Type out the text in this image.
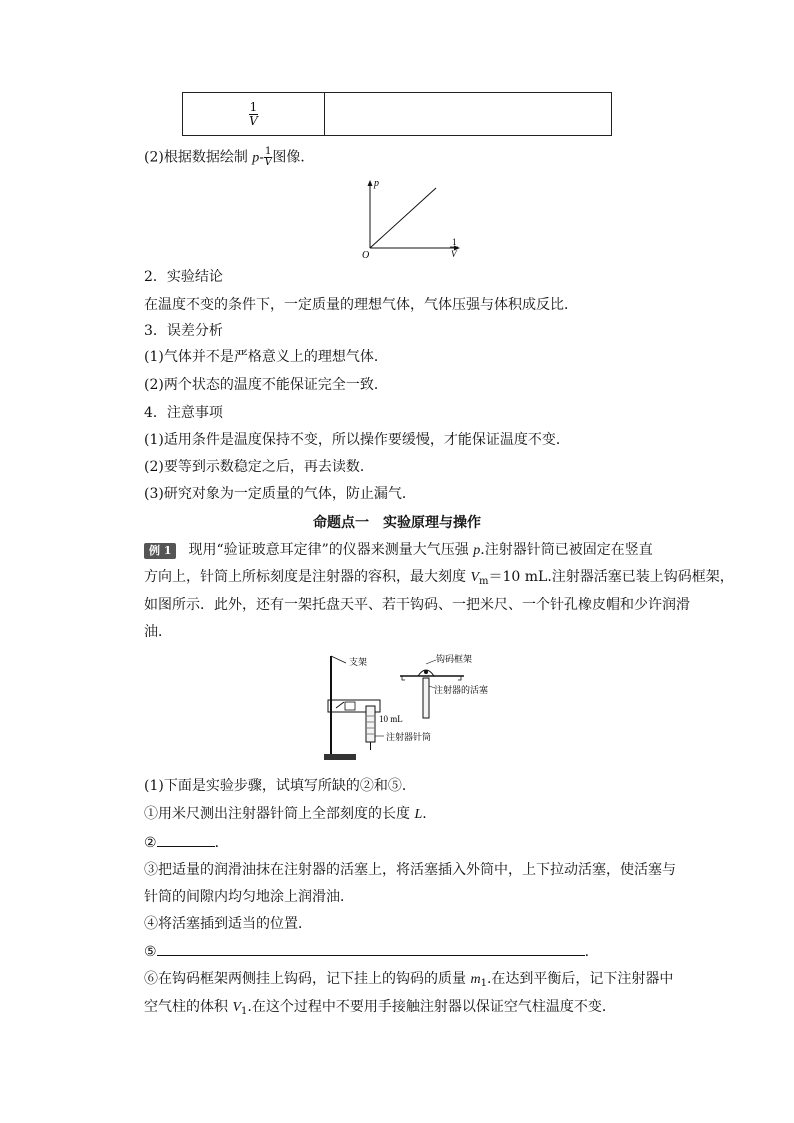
$\frac{1}{V}$

(2)根据数据绘制 $p- \frac{1}{V}$ 图像．
p
O
1
V
2．实验结论
在温度不变的条件下，一定质量的理想气体，气体压强与体积成反比．
3．误差分析
(1)气体并不是严格意义上的理想气体．
(2)两个状态的温度不能保证完全一致．
4．注意事项
(1)适用条件是温度保持不变，所以操作要缓慢，才能保证温度不变．
(2)要等到示数稳定之后，再去读数．
(3)研究对象为一定质量的气体，防止漏气．
命题点一　实验原理与操作
例 1 现用“验证玻意耳定律”的仪器来测量大气压强 p.注射器针筒已被固定在竖直
方向上，针筒上所标刻度是注射器的容积，最大刻度 $V_m=10$ mL.注射器活塞已装上钩码框架，
如图所示．此外，还有一架托盘天平、若干钩码、一把米尺、一个针孔橡皮帽和少许润滑
油．
支架	钩码框架
注射器的活塞
10 mL
注射器针筒
(1)下面是实验步骤，试填写所缺的②和⑤．
①用米尺测出注射器针筒上全部刻度的长度 L.
②	．
③把适量的润滑油抹在注射器的活塞上，将活塞插入外筒中，上下拉动活塞，使活塞与
针筒的间隙内均匀地涂上润滑油．
④将活塞插到适当的位置．
⑤	.
⑥在钩码框架两侧挂上钩码，记下挂上的钩码的质量 $m_1$.在达到平衡后，记下注射器中
空气柱的体积 $V_1$.在这个过程中不要用手接触注射器以保证空气柱温度不变．
